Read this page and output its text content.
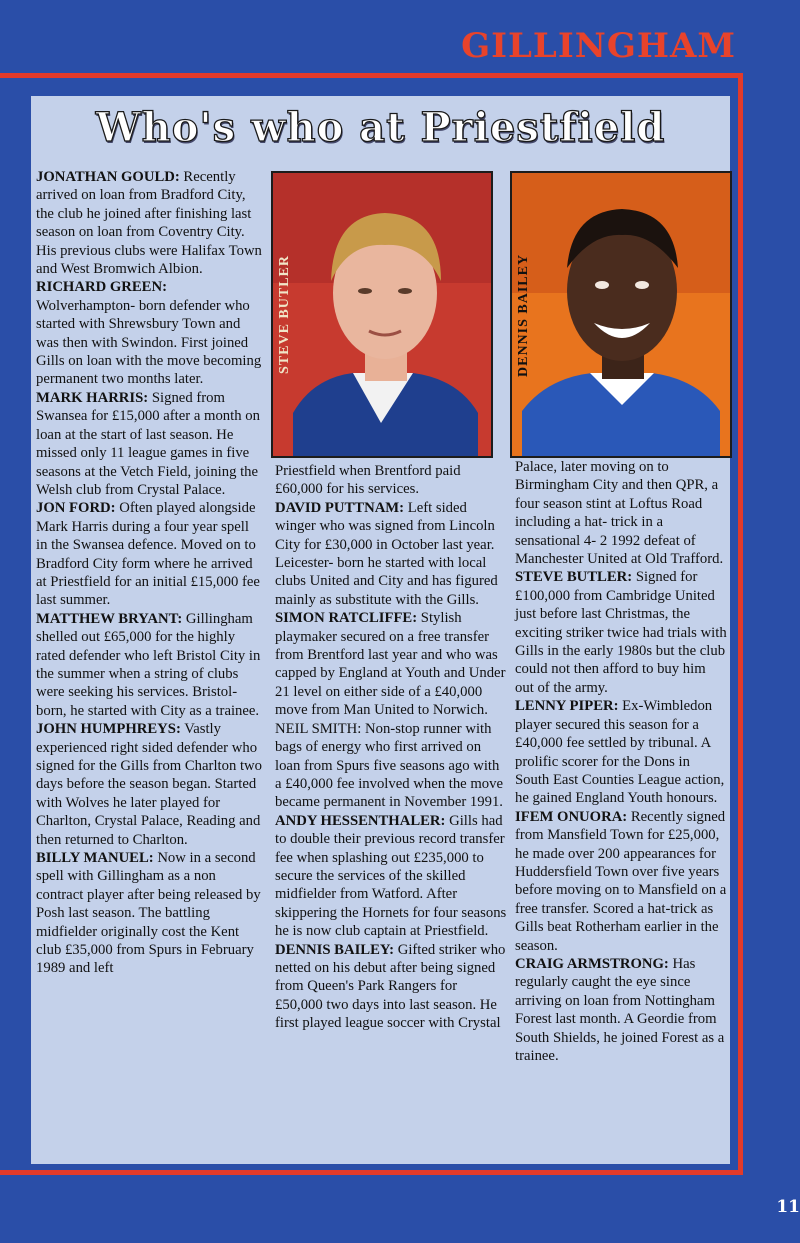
GILLINGHAM
Who's who at Priestfield

JONATHAN GOULD: Recently arrived on loan from Bradford City, the club he joined after finishing last season on loan from Coventry City. His previous clubs were Halifax Town and West Bromwich Albion.

RICHARD GREEN: Wolverhampton- born defender who started with Shrewsbury Town and was then with Swindon. First joined Gills on loan with the move becoming permanent two months later.

MARK HARRIS: Signed from Swansea for £15,000 after a month on loan at the start of last season. He missed only 11 league games in five seasons at the Vetch Field, joining the Welsh club from Crystal Palace.

JON FORD: Often played alongside Mark Harris during a four year spell in the Swansea defence. Moved on to Bradford City form where he arrived at Priestfield for an initial £15,000 fee last summer.

MATTHEW BRYANT: Gillingham shelled out £65,000 for the highly rated defender who left Bristol City in the summer when a string of clubs were seeking his services. Bristol- born, he started with City as a trainee.

JOHN HUMPHREYS: Vastly experienced right sided defender who signed for the Gills from Charlton two days before the season began. Started with Wolves he later played for Charlton, Crystal Palace, Reading and then returned to Charlton.

BILLY MANUEL: Now in a second spell with Gillingham as a non contract player after being released by Posh last season. The battling midfielder originally cost the Kent club £35,000 from Spurs in February 1989 and left

STEVE BUTLER	DENNIS BAILEY

Priestfield when Brentford paid £60,000 for his services.

DAVID PUTTNAM: Left sided winger who was signed from Lincoln City for £30,000 in October last year. Leicester- born he started with local clubs United and City and has figured mainly as substitute with the Gills.

SIMON RATCLIFFE: Stylish playmaker secured on a free transfer from Brentford last year and who was capped by England at Youth and Under 21 level on either side of a £40,000 move from Man United to Norwich.

NEIL SMITH: Non-stop runner with bags of energy who first arrived on loan from Spurs five seasons ago with a £40,000 fee involved when the move became permanent in November 1991.

ANDY HESSENTHALER: Gills had to double their previous record transfer fee when splashing out £235,000 to secure the services of the skilled midfielder from Watford. After skippering the Hornets for four seasons he is now club captain at Priestfield.

DENNIS BAILEY: Gifted striker who netted on his debut after being signed from Queen's Park Rangers for £50,000 two days into last season. He first played league soccer with Crystal

Palace, later moving on to Birmingham City and then QPR, a four season stint at Loftus Road including a hat- trick in a sensational 4- 2 1992 defeat of Manchester United at Old Trafford.

STEVE BUTLER: Signed for £100,000 from Cambridge United just before last Christmas, the exciting striker twice had trials with Gills in the early 1980s but the club could not then afford to buy him out of the army.

LENNY PIPER: Ex-Wimbledon player secured this season for a £40,000 fee settled by tribunal. A prolific scorer for the Dons in South East Counties League action, he gained England Youth honours.

IFEM ONUORA: Recently signed from Mansfield Town for £25,000, he made over 200 appearances for Huddersfield Town over five years before moving on to Mansfield on a free transfer. Scored a hat-trick as Gills beat Rotherham earlier in the season.

CRAIG ARMSTRONG: Has regularly caught the eye since arriving on loan from Nottingham Forest last month. A Geordie from South Shields, he joined Forest as a trainee.

11
